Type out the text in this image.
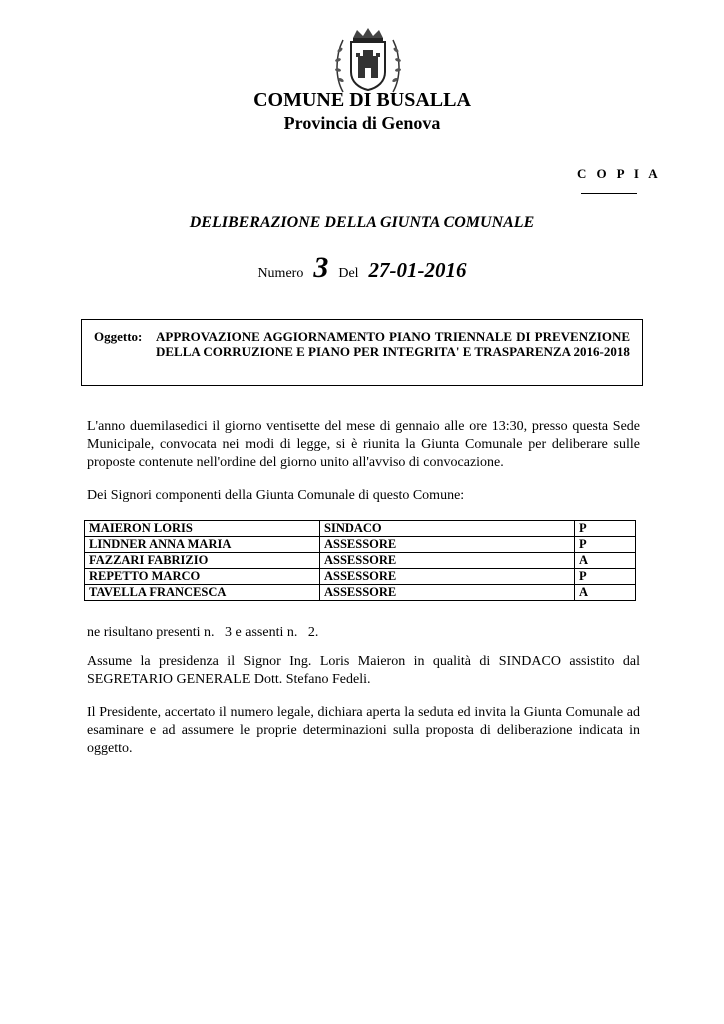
COMUNE DI BUSALLA
Provincia di Genova
C O P I A
DELIBERAZIONE DELLA GIUNTA COMUNALE
Numero 3 Del 27-01-2016
Oggetto: APPROVAZIONE AGGIORNAMENTO PIANO TRIENNALE DI PREVENZIONE DELLA CORRUZIONE E PIANO PER INTEGRITA' E TRASPARENZA 2016-2018
L'anno duemilasedici il giorno ventisette del mese di gennaio alle ore 13:30, presso questa Sede Municipale, convocata nei modi di legge, si è riunita la Giunta Comunale per deliberare sulle proposte contenute nell'ordine del giorno unito all'avviso di convocazione.
Dei Signori componenti della Giunta Comunale di questo Comune:
MAIERON LORIS	SINDACO	P
LINDNER ANNA MARIA	ASSESSORE	P
FAZZARI FABRIZIO	ASSESSORE	A
REPETTO MARCO	ASSESSORE	P
TAVELLA FRANCESCA	ASSESSORE	A
ne risultano presenti n.   3 e assenti n.   2.
Assume la presidenza il Signor Ing. Loris Maieron in qualità di SINDACO assistito dal SEGRETARIO GENERALE Dott. Stefano Fedeli.
Il Presidente, accertato il numero legale, dichiara aperta la seduta ed invita la Giunta Comunale ad esaminare e ad assumere le proprie determinazioni sulla proposta di deliberazione indicata in oggetto.
